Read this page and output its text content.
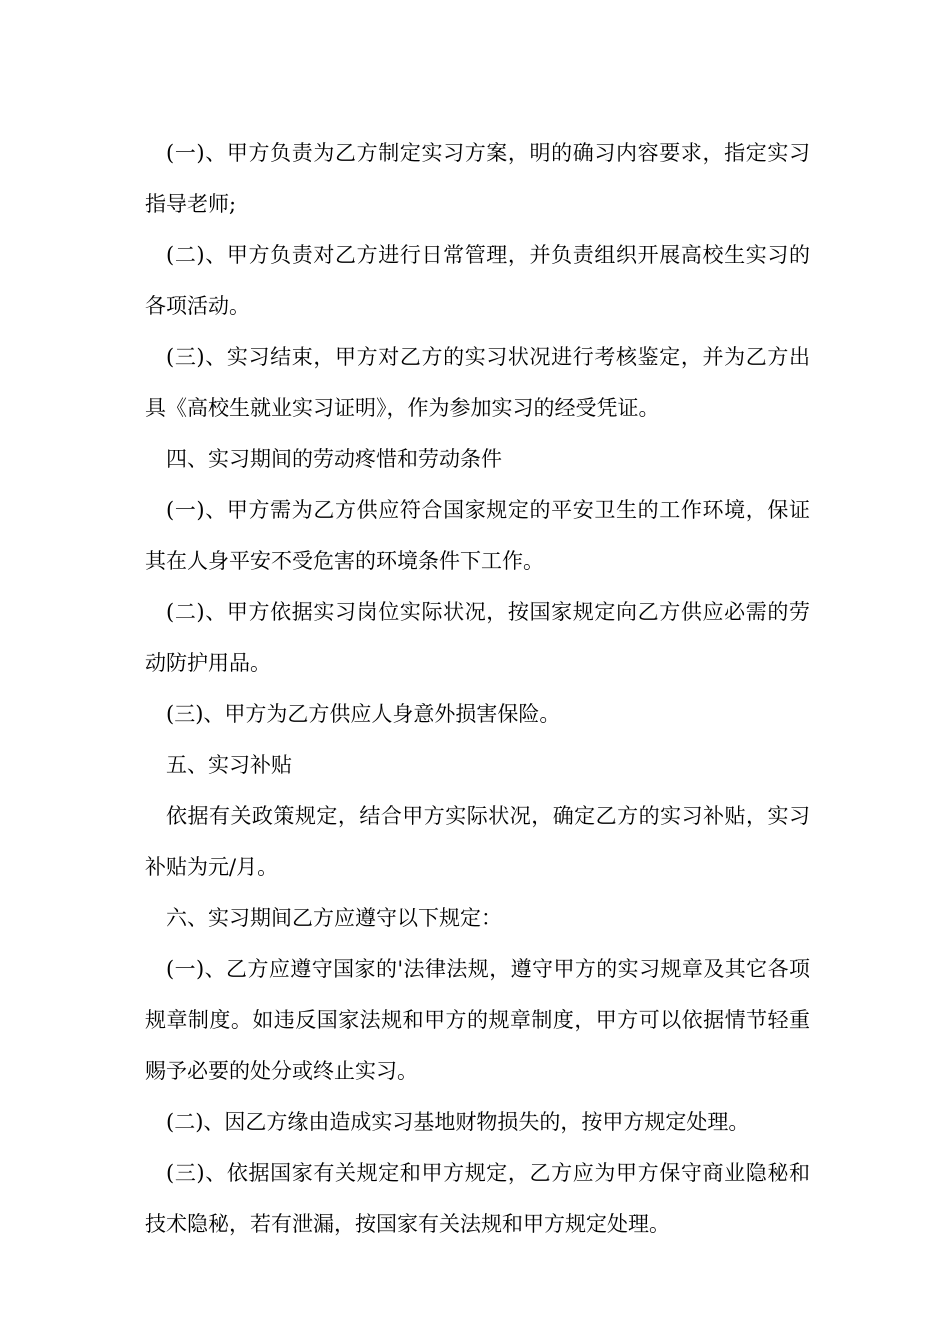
(一)、甲方负责为乙方制定实习方案，明的确习内容要求，指定实习指导老师;

(二)、甲方负责对乙方进行日常管理，并负责组织开展高校生实习的各项活动。

(三)、实习结束，甲方对乙方的实习状况进行考核鉴定，并为乙方出具《高校生就业实习证明》，作为参加实习的经受凭证。

四、实习期间的劳动疼惜和劳动条件

(一)、甲方需为乙方供应符合国家规定的平安卫生的工作环境，保证其在人身平安不受危害的环境条件下工作。

(二)、甲方依据实习岗位实际状况，按国家规定向乙方供应必需的劳动防护用品。

(三)、甲方为乙方供应人身意外损害保险。

五、实习补贴

依据有关政策规定，结合甲方实际状况，确定乙方的实习补贴，实习补贴为元/月。

六、实习期间乙方应遵守以下规定：

(一)、乙方应遵守国家的'法律法规，遵守甲方的实习规章及其它各项规章制度。如违反国家法规和甲方的规章制度，甲方可以依据情节轻重赐予必要的处分或终止实习。

(二)、因乙方缘由造成实习基地财物损失的，按甲方规定处理。

(三)、依据国家有关规定和甲方规定，乙方应为甲方保守商业隐秘和技术隐秘，若有泄漏，按国家有关法规和甲方规定处理。
